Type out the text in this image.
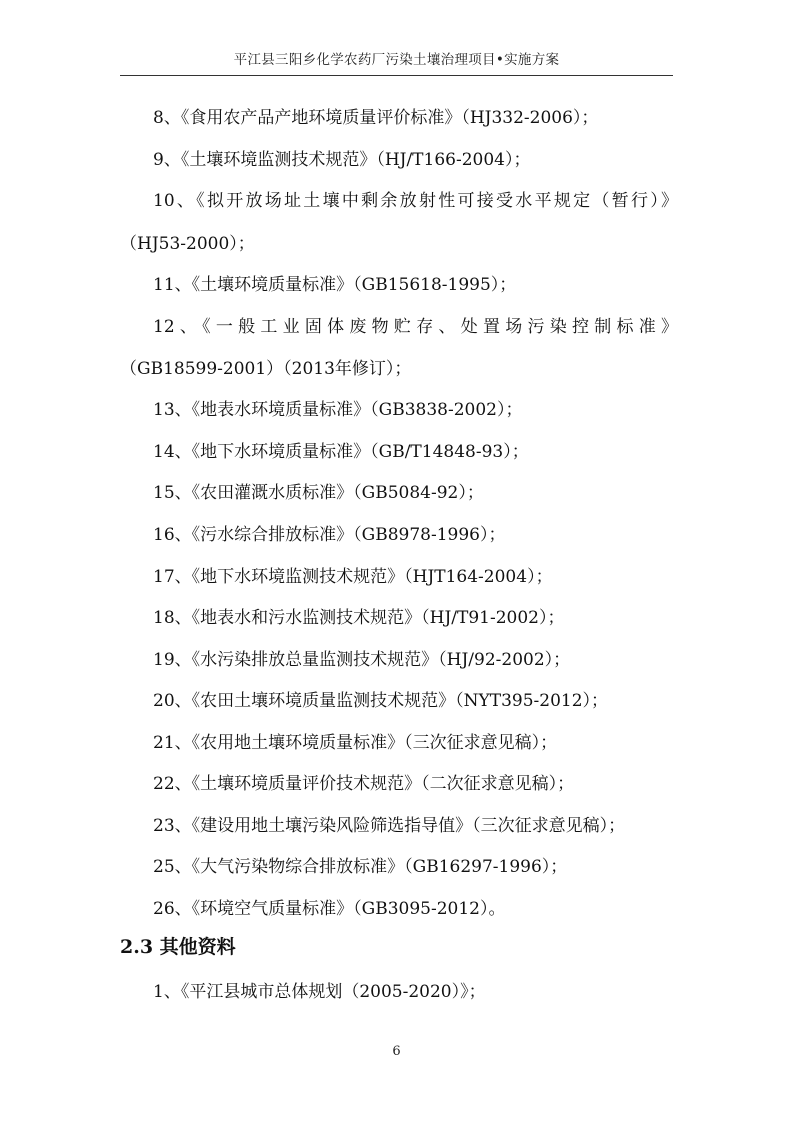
平江县三阳乡化学农药厂污染土壤治理项目•实施方案
8、《食用农产品产地环境质量评价标准》（HJ332-2006）；
9、《土壤环境监测技术规范》（HJ/T166-2004）；
10、《拟开放场址土壤中剩余放射性可接受水平规定（暂行）》
（HJ53-2000）；
11、《土壤环境质量标准》（GB15618-1995）；
12、《一般工业固体废物贮存、处置场污染控制标准》
（GB18599-2001）（2013年修订）；
13、《地表水环境质量标准》（GB3838-2002）；
14、《地下水环境质量标准》（GB/T14848-93）；
15、《农田灌溉水质标准》（GB5084-92）；
16、《污水综合排放标准》（GB8978-1996）；
17、《地下水环境监测技术规范》（HJT164-2004）；
18、《地表水和污水监测技术规范》（HJ/T91-2002）；
19、《水污染排放总量监测技术规范》（HJ/92-2002）；
20、《农田土壤环境质量监测技术规范》（NYT395-2012）；
21、《农用地土壤环境质量标准》（三次征求意见稿）；
22、《土壤环境质量评价技术规范》（二次征求意见稿）；
23、《建设用地土壤污染风险筛选指导值》（三次征求意见稿）；
25、《大气污染物综合排放标准》（GB16297-1996）；
26、《环境空气质量标准》（GB3095-2012）。
2.3 其他资料
1、《平江县城市总体规划（2005-2020）》；
6
